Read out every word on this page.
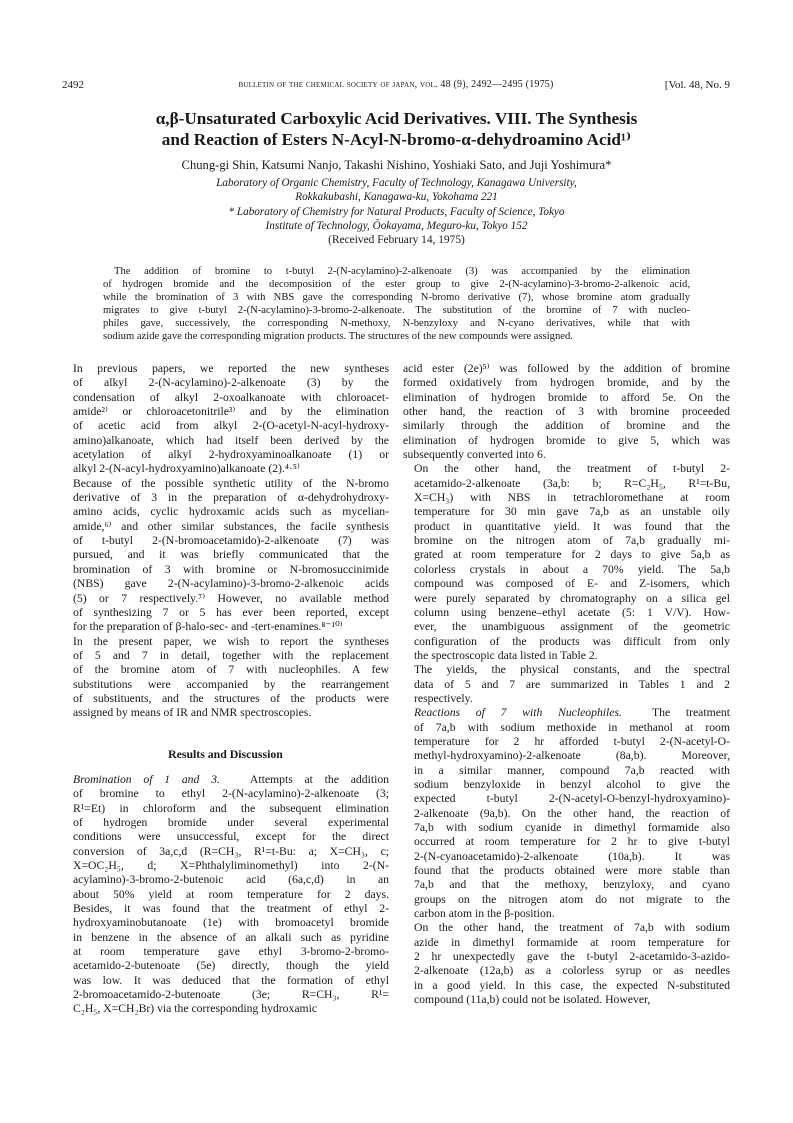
2492	bulletin of the chemical society of japan, vol. 48 (9), 2492—2495 (1975)	[Vol. 48, No. 9
α,β-Unsaturated Carboxylic Acid Derivatives. VIII. The Synthesis
and Reaction of Esters N-Acyl-N-bromo-α-dehydroamino Acid¹⁾
Chung-gi Shin, Katsumi Nanjo, Takashi Nishino, Yoshiaki Sato, and Juji Yoshimura*
Laboratory of Organic Chemistry, Faculty of Technology, Kanagawa University,
Rokkakubashi, Kanagawa-ku, Yokohama 221
* Laboratory of Chemistry for Natural Products, Faculty of Science, Tokyo
Institute of Technology, Ōokayama, Meguro-ku, Tokyo 152
(Received February 14, 1975)
The addition of bromine to t-butyl 2-(N-acylamino)-2-alkenoate (3) was accompanied by the elimination
of hydrogen bromide and the decomposition of the ester group to give 2-(N-acylamino)-3-bromo-2-alkenoic acid,
while the bromination of 3 with NBS gave the corresponding N-bromo derivative (7), whose bromine atom gradually
migrates to give t-butyl 2-(N-acylamino)-3-bromo-2-alkenoate. The substitution of the bromine of 7 with nucleo-
philes gave, successively, the corresponding N-methoxy, N-benzyloxy and N-cyano derivatives, while that with
sodium azide gave the corresponding migration products. The structures of the new compounds were assigned.

In previous papers, we reported the new syntheses
of alkyl 2-(N-acylamino)-2-alkenoate (3) by the
condensation of alkyl 2-oxoalkanoate with chloroacet-
amide²⁾ or chloroacetonitrile³⁾ and by the elimination
of acetic acid from alkyl 2-(O-acetyl-N-acyl-hydroxy-
amino)alkanoate, which had itself been derived by the
acetylation of alkyl 2-hydroxyaminoalkanoate (1) or
alkyl 2-(N-acyl-hydroxyamino)alkanoate (2).⁴·⁵⁾

Because of the possible synthetic utility of the N-bromo
derivative of 3 in the preparation of α-dehydrohydroxy-
amino acids, cyclic hydroxamic acids such as mycelian-
amide,⁶⁾ and other similar substances, the facile synthesis
of t-butyl 2-(N-bromoacetamido)-2-alkenoate (7) was
pursued, and it was briefly communicated that the
bromination of 3 with bromine or N-bromosuccinimide
(NBS) gave 2-(N-acylamino)-3-bromo-2-alkenoic acids
(5) or 7 respectively.⁷⁾ However, no available method
of synthesizing 7 or 5 has ever been reported, except
for the preparation of β-halo-sec- and -tert-enamines.⁸⁻¹⁰⁾

In the present paper, we wish to report the syntheses
of 5 and 7 in detail, together with the replacement
of the bromine atom of 7 with nucleophiles. A few
substitutions were accompanied by the rearrangement
of substituents, and the structures of the products were
assigned by means of IR and NMR spectroscopies.

Results and Discussion

Bromination of 1 and 3.	Attempts at the addition
of bromine to ethyl 2-(N-acylamino)-2-alkenoate (3;
R¹=Et) in chloroform and the subsequent elimination
of hydrogen bromide under several experimental
conditions were unsuccessful, except for the direct
conversion of 3a,c,d (R=CH₃, R¹=t-Bu: a; X=CH₃, c;
X=OC₂H₅, d; X=Phthalyliminomethyl) into 2-(N-
acylamino)-3-bromo-2-butenoic acid (6a,c,d) in an
about 50% yield at room temperature for 2 days.
Besides, it was found that the treatment of ethyl 2-
hydroxyaminobutanoate (1e) with bromoacetyl bromide
in benzene in the absence of an alkali such as pyridine
at room temperature gave ethyl 3-bromo-2-bromo-
acetamido-2-butenoate (5e) directly, though the yield
was low. It was deduced that the formation of ethyl
2-bromoacetamido-2-butenoate (3e; R=CH₃, R¹=
C₂H₅, X=CH₂Br) via the corresponding hydroxamic

acid ester (2e)⁵⁾ was followed by the addition of bromine
formed oxidatively from hydrogen bromide, and by the
elimination of hydrogen bromide to afford 5e. On the
other hand, the reaction of 3 with bromine proceeded
similarly through the addition of bromine and the
elimination of hydrogen bromide to give 5, which was
subsequently converted into 6.

On the other hand, the treatment of t-butyl 2-
acetamido-2-alkenoate (3a,b: b; R=C₂H₅, R¹=t-Bu,
X=CH₃) with NBS in tetrachloromethane at room
temperature for 30 min gave 7a,b as an unstable oily
product in quantitative yield. It was found that the
bromine on the nitrogen atom of 7a,b gradually mi-
grated at room temperature for 2 days to give 5a,b as
colorless crystals in about a 70% yield. The 5a,b
compound was composed of E- and Z-isomers, which
were purely separated by chromatography on a silica gel
column using benzene–ethyl acetate (5: 1 V/V). How-
ever, the unambiguous assignment of the geometric
configuration of the products was difficult from only
the spectroscopic data listed in Table 2.

The yields, the physical constants, and the spectral
data of 5 and 7 are summarized in Tables 1 and 2
respectively.

Reactions of 7 with Nucleophiles.	The treatment
of 7a,b with sodium methoxide in methanol at room
temperature for 2 hr afforded t-butyl 2-(N-acetyl-O-
methyl-hydroxyamino)-2-alkenoate (8a,b). Moreover,
in a similar manner, compound 7a,b reacted with
sodium benzyloxide in benzyl alcohol to give the
expected t-butyl 2-(N-acetyl-O-benzyl-hydroxyamino)-
2-alkenoate (9a,b). On the other hand, the reaction of
7a,b with sodium cyanide in dimethyl formamide also
occurred at room temperature for 2 hr to give t-butyl
2-(N-cyanoacetamido)-2-alkenoate (10a,b). It was
found that the products obtained were more stable than
7a,b and that the methoxy, benzyloxy, and cyano
groups on the nitrogen atom do not migrate to the
carbon atom in the β-position.

On the other hand, the treatment of 7a,b with sodium
azide in dimethyl formamide at room temperature for
2 hr unexpectedly gave the t-butyl 2-acetamido-3-azido-
2-alkenoate (12a,b) as a colorless syrup or as needles
in a good yield. In this case, the expected N-substituted
compound (11a,b) could not be isolated. However,
